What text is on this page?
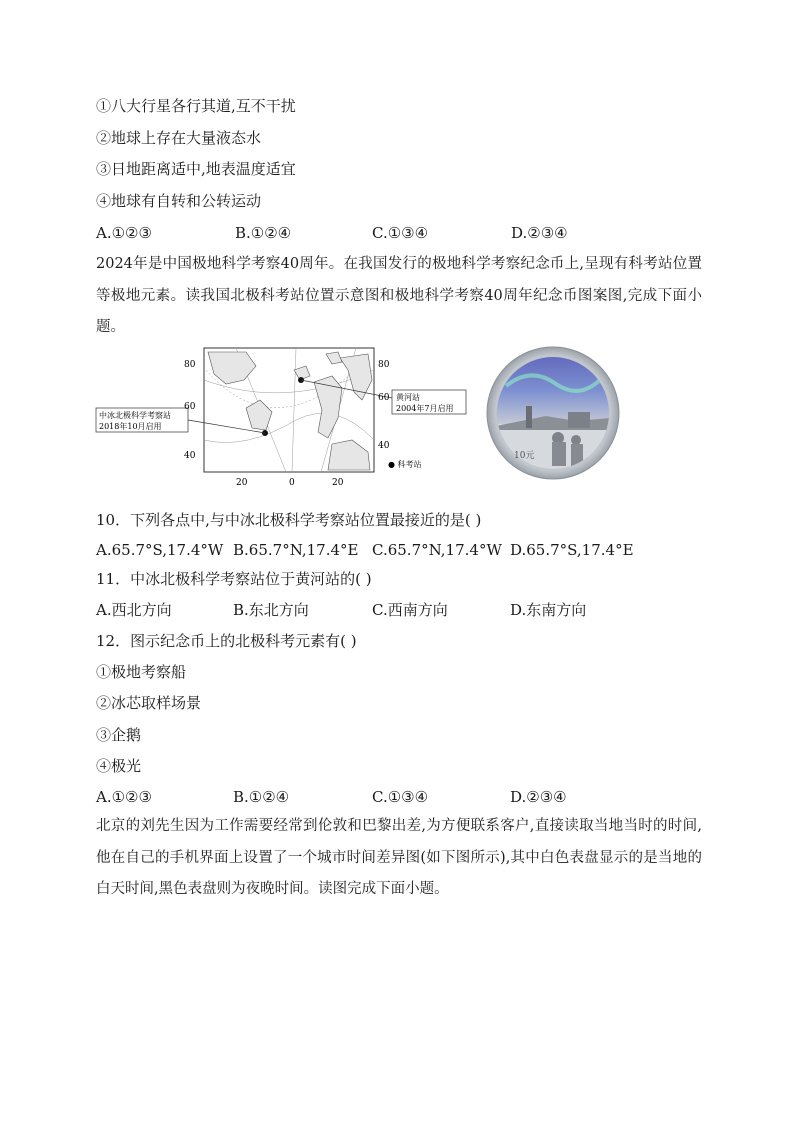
①八大行星各行其道,互不干扰
②地球上存在大量液态水
③日地距离适中,地表温度适宜
④地球有自转和公转运动
A.①②③	B.①②④	C.①③④	D.②③④
2024年是中国极地科学考察40周年。在我国发行的极地科学考察纪念币上,呈现有科考站位置等极地元素。读我国北极科考站位置示意图和极地科学考察40周年纪念币图案图,完成下面小题。
中冰北极科学考察站
2018年10月启用
黄河站
2004年7月启用
80
60
40
80
60
40
20	0	20
● 科考站
10元
10．下列各点中,与中冰北极科学考察站位置最接近的是( )
A.65.7°S,17.4°W B.65.7°N,17.4°E C.65.7°N,17.4°W D.65.7°S,17.4°E
11．中冰北极科学考察站位于黄河站的( )
A.西北方向	B.东北方向	C.西南方向	D.东南方向
12．图示纪念币上的北极科考元素有( )
①极地考察船
②冰芯取样场景
③企鹅
④极光
A.①②③	B.①②④	C.①③④	D.②③④
北京的刘先生因为工作需要经常到伦敦和巴黎出差,为方便联系客户,直接读取当地当时的时间,他在自己的手机界面上设置了一个城市时间差异图(如下图所示),其中白色表盘显示的是当地的白天时间,黑色表盘则为夜晚时间。读图完成下面小题。
